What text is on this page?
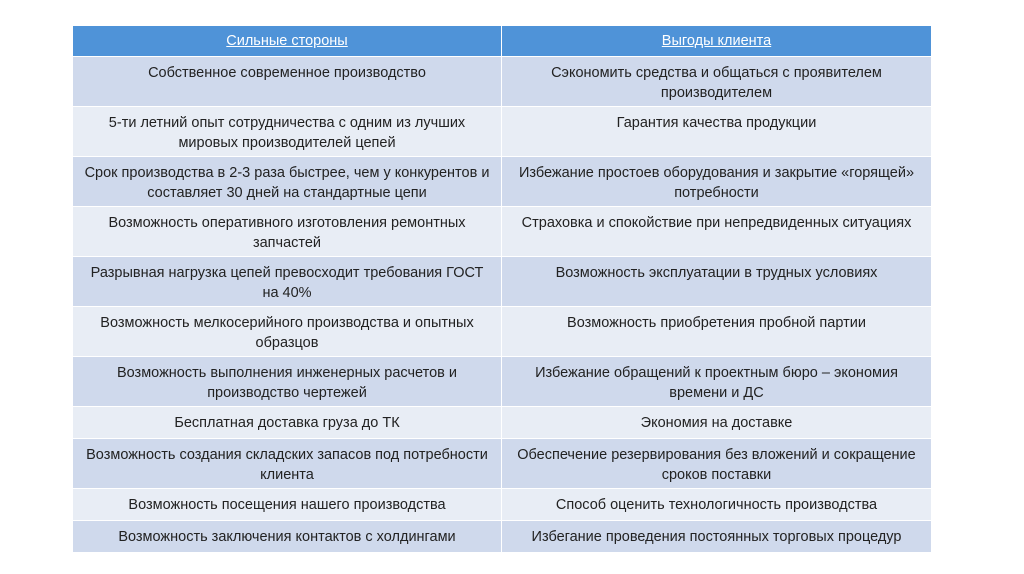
Сильные стороны	Выгоды клиента
Собственное современное производство	Сэкономить средства и общаться с проявителем производителем
5-ти летний опыт сотрудничества с одним из лучших мировых производителей цепей	Гарантия качества продукции
Срок производства в 2-3 раза быстрее, чем у конкурентов и составляет 30 дней на стандартные цепи	Избежание простоев оборудования и закрытие «горящей» потребности
Возможность оперативного изготовления ремонтных запчастей	Страховка и спокойствие при непредвиденных ситуациях
Разрывная нагрузка цепей превосходит требования ГОСТ на 40%	Возможность эксплуатации в трудных условиях
Возможность мелкосерийного производства и опытных образцов	Возможность приобретения пробной партии
Возможность выполнения инженерных расчетов и производство чертежей	Избежание обращений к проектным бюро – экономия времени и ДС
Бесплатная доставка груза до ТК	Экономия на доставке
Возможность создания складских запасов под потребности клиента	Обеспечение резервирования без вложений и сокращение сроков поставки
Возможность посещения нашего производства	Способ оценить технологичность производства
Возможность заключения контактов с холдингами	Избегание проведения постоянных торговых процедур
